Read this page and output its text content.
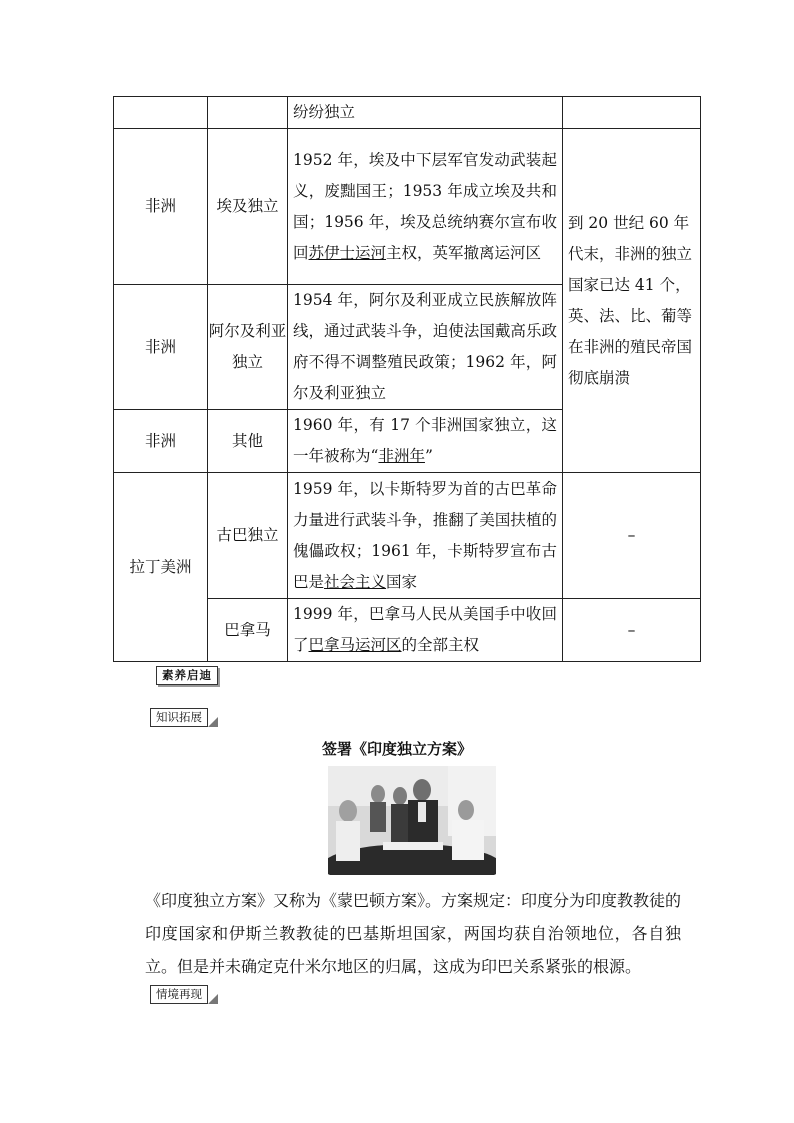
		纷纷独立	
非洲	埃及独立	1952 年，埃及中下层军官发动武装起义，废黜国王；1953 年成立埃及共和国；1956 年，埃及总统纳赛尔宣布收回苏伊士运河主权，英军撤离运河区	到 20 世纪 60 年代末，非洲的独立国家已达 41 个，英、法、比、葡等在非洲的殖民帝国彻底崩溃
非洲	阿尔及利亚独立	1954 年，阿尔及利亚成立民族解放阵线，通过武装斗争，迫使法国戴高乐政府不得不调整殖民政策；1962 年，阿尔及利亚独立	
非洲	其他	1960 年，有 17 个非洲国家独立，这一年被称为“非洲年”	
拉丁美洲	古巴独立	1959 年，以卡斯特罗为首的古巴革命力量进行武装斗争，推翻了美国扶植的傀儡政权；1961 年，卡斯特罗宣布古巴是社会主义国家	–
	巴拿马	1999 年，巴拿马人民从美国手中收回了巴拿马运河区的全部主权	–
素养启迪
知识拓展
签署《印度独立方案》
《印度独立方案》又称为《蒙巴顿方案》。方案规定：印度分为印度教教徒的印度国家和伊斯兰教教徒的巴基斯坦国家，两国均获自治领地位，各自独立。但是并未确定克什米尔地区的归属，这成为印巴关系紧张的根源。
情境再现
